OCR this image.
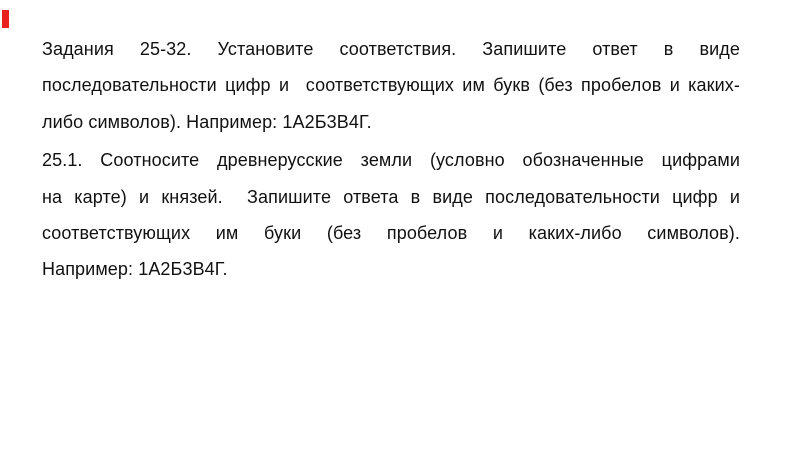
Задания 25-32. Установите соответствия. Запишите ответ в виде
последовательности цифр и  соответствующих им букв (без пробелов и каких-
либо символов). Например: 1А2Б3В4Г.
25.1. Соотносите древнерусские земли (условно обозначенные цифрами
на карте) и князей.  Запишите ответа в виде последовательности цифр и
соответствующих им буки (без пробелов и каких-либо символов).
Например: 1А2Б3В4Г.
